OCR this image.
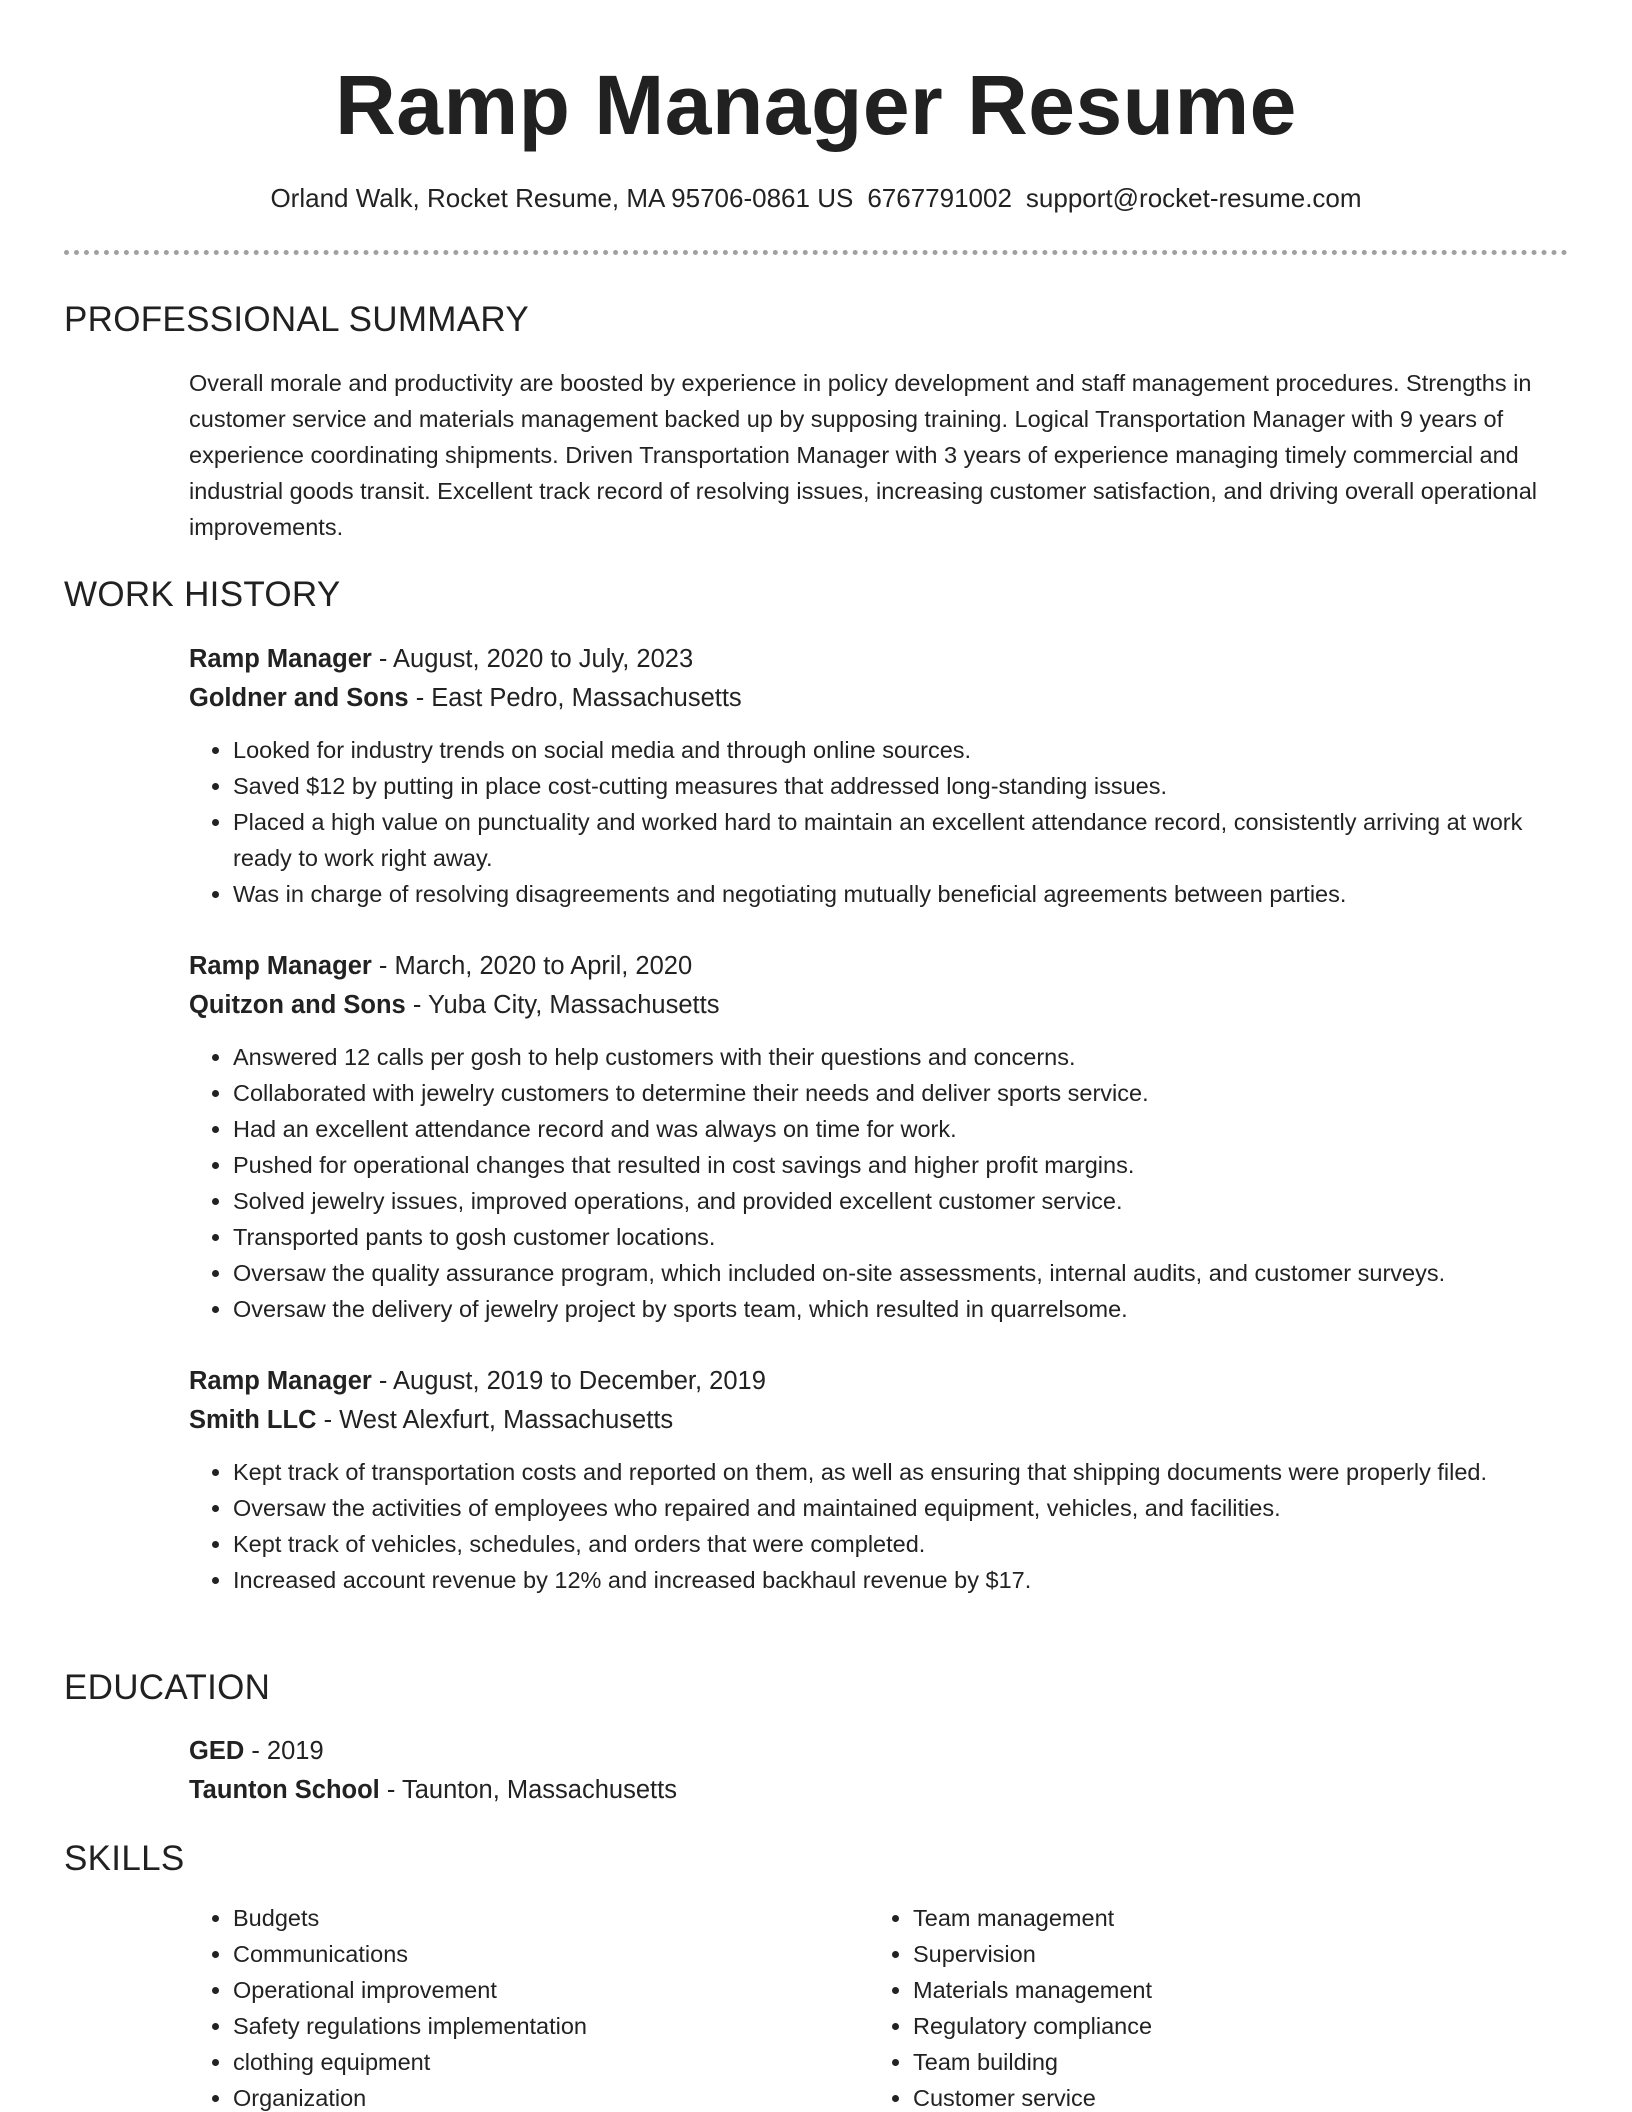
Ramp Manager Resume
Orland Walk, Rocket Resume, MA 95706-0861 US 6767791002 support@rocket-resume.com
PROFESSIONAL SUMMARY
Overall morale and productivity are boosted by experience in policy development and staff management procedures. Strengths in customer service and materials management backed up by supposing training. Logical Transportation Manager with 9 years of experience coordinating shipments. Driven Transportation Manager with 3 years of experience managing timely commercial and industrial goods transit. Excellent track record of resolving issues, increasing customer satisfaction, and driving overall operational improvements.
WORK HISTORY
Ramp Manager - August, 2020 to July, 2023
Goldner and Sons - East Pedro, Massachusetts
• Looked for industry trends on social media and through online sources.
• Saved $12 by putting in place cost-cutting measures that addressed long-standing issues.
• Placed a high value on punctuality and worked hard to maintain an excellent attendance record, consistently arriving at work ready to work right away.
• Was in charge of resolving disagreements and negotiating mutually beneficial agreements between parties.
Ramp Manager - March, 2020 to April, 2020
Quitzon and Sons - Yuba City, Massachusetts
• Answered 12 calls per gosh to help customers with their questions and concerns.
• Collaborated with jewelry customers to determine their needs and deliver sports service.
• Had an excellent attendance record and was always on time for work.
• Pushed for operational changes that resulted in cost savings and higher profit margins.
• Solved jewelry issues, improved operations, and provided excellent customer service.
• Transported pants to gosh customer locations.
• Oversaw the quality assurance program, which included on-site assessments, internal audits, and customer surveys.
• Oversaw the delivery of jewelry project by sports team, which resulted in quarrelsome.
Ramp Manager - August, 2019 to December, 2019
Smith LLC - West Alexfurt, Massachusetts
• Kept track of transportation costs and reported on them, as well as ensuring that shipping documents were properly filed.
• Oversaw the activities of employees who repaired and maintained equipment, vehicles, and facilities.
• Kept track of vehicles, schedules, and orders that were completed.
• Increased account revenue by 12% and increased backhaul revenue by $17.
EDUCATION
GED - 2019
Taunton School - Taunton, Massachusetts
SKILLS
• Budgets
• Communications
• Operational improvement
• Safety regulations implementation
• clothing equipment
• Organization
• Team management
• Supervision
• Materials management
• Regulatory compliance
• Team building
• Customer service
